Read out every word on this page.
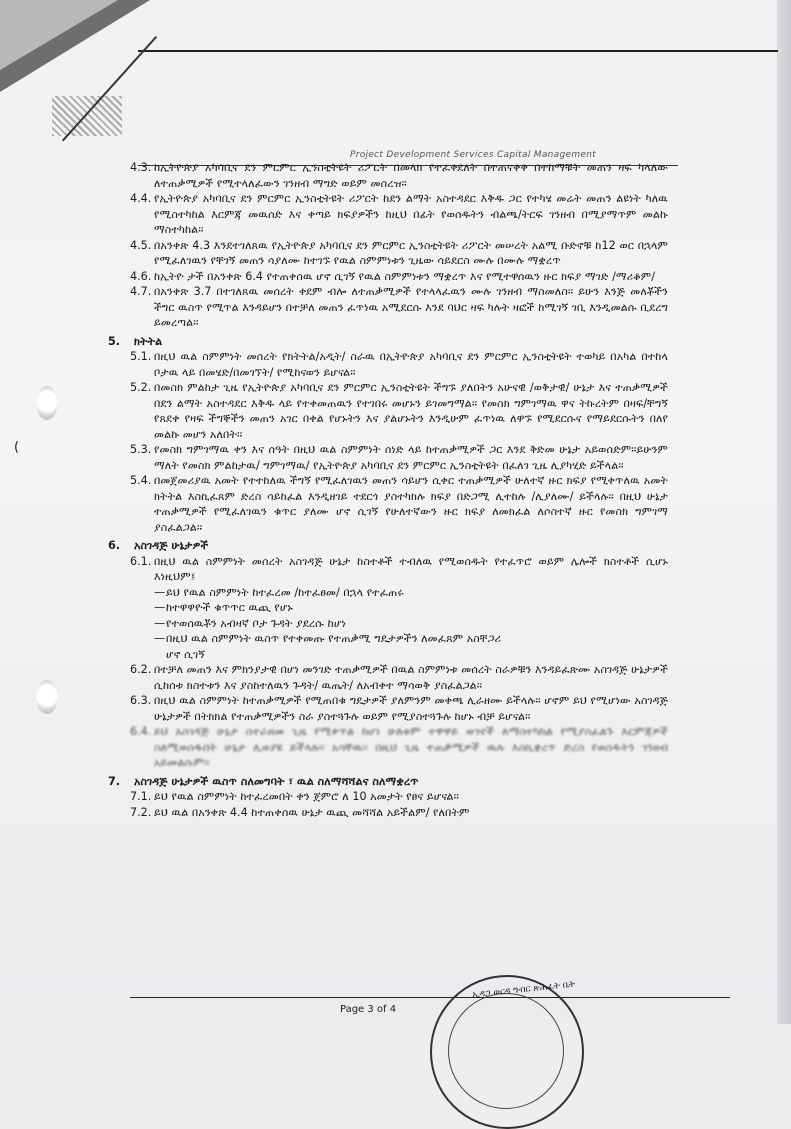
Project Development Services Capital Management
(
4.3. ከኢትዮጵያ አካባቢና ደን ምርምር ኢንስቲትዩት ሪፖርት በመላክ የተፈቀደለት በተጠናቀቀ በተከማቹት መጠን ዛፍ ካላለው ለተጠቃሚዎች የሚተላለፈውን ገንዘብ ማግድ ወይም መሰረዝ፡፡
4.4. የኢትዮጵያ አካባቢና ደን ምርምር ኢንስቲትዩት ሪፖርት ከደን ልማት አስተዳደር እቅዱ ጋር የተካሄ መሬት መጠን ልዩነት ካለዉ የሚስተካከል እርምጃ መዉሰድ እና ቀጣይ ክፍያዎችን ከዚህ በፊት የወሰዱትን ብልጫ/ትርፍ ገንዘብ በሚያማጥም መልኩ ማስተካከል፡፡
4.5. በአንቀጽ 4.3 እንደተገለጸዉ የኢትዮጵያ አካባቢና ደን ምርምር ኢንስቲትዩት ሪፖርት መሠረት አልሚ ቡድኖቹ ከ12 ወር በኋላም የሚፈለገዉን የቸገኝ መጠን ሳያለሙ ከተገኙ የዉል ስምምነቱን ጊዜው ሳይደርስ ሙሉ በሙሉ ማቋረጥ
4.6. ከኢትዮ ታች በአንቀጽ 6.4 የተጠቀሰዉ ሆኖ ሲገኝ የዉል ስምምነቱን ማቋረጥ እና የሚተዋሰዉን ዙር ክፍያ ማገድ /ማሪቆም/
4.7. በአንቀጽ 3.7 በተገለጸዉ መሰረት ቀደም ብሎ ለተጠቃሚዎች የተላላፈዉን ሙሉ ገንዘብ ማስመለስ፡፡ ይሁን እንጅ መለቾችን ችግር ዉስጥ የሚጥል እንዳይሆን በተቻለ መጠን ፈጥነዉ አሚደርሱ እንደ ባህር ዛፍ ካሉት ዛፎች ከሚገኝ ገቢ እንዲመልሱ ቢደረግ ይመረጣል፡፡
5. ክትትል
5.1. በዚህ ዉል ስምምነት መሰረት የክትትል/አዲት/ ስራዉ በኢትዮጵያ አካባቢና ደን ምርምር ኢንስቲትዩት ተወካይ በአካል በተከላ ቦታዉ ላይ በመሄድ/በመገኘት/ የሚከናወን ይሆናል፡፡
5.2. በመስክ ምልከታ ጊዜ የኢትዮጵያ አካባቢና ደን ምርምር ኢንስቲትዩት ችግኙ ያለበትን አሁናዊ /ወቅታዊ/ ሁኔታ እና ተጠቃሚዎች በደን ልማት አስተዳደር እቅዱ ላይ የተቀመጠዉን የተገበሩ መሆኑን ይገመግማል፡፡ የመስክ ግምገማዉ ዋና ትኩረትም በዛፍ/ቸግኝ የጸደቀ የዛፍ ችግኞችን መጠን አገር በቀል የሆኑትን እና ያልሆኑትን እንዲሁም ፈጥነዉ ለዋኙ የሚደርሱና የማይደርሱትን በለየ መልኩ መሆን አለበት፡፡
5.3. የመስክ ግምገማዉ ቀን እና ሰዓት በዚህ ዉል ስምምነት ሰነድ ላይ ከተጠቃሚዎች ጋር እንደ ቅድመ ሁኔታ አይወሰድም፡፡ይሁንም ማለት የመስክ ምልከታዉ/ ግምገማዉ/ የኢትዮጵያ አካባቢና ደን ምርምር ኢንስቲትዩት በፈለገ ጊዜ ሊያካሂድ ይችላል፡፡
5.4. በመጀመሪያዉ አመት የተተከለዉ ችግኝ የሚፈለገዉን መጠን ሳይሆን ሲቀር ተጠቃሚዎች ሁለተኛ ዙር ክፍያ የሚቀጥለዉ አመት ክትትል እስኪፈጸም ድረስ ሳይከፈል እንዲዘገይ ተደርጎ ያስተካክሉ ክፍያ በድጋሚ ሊተከሉ /ሊያለሙ/ ይችላሉ፡፡ በዚህ ሁኔታ ተጠቃሚዎች የሚፈለገዉን ቁጥር ያለሙ ሆኖ ሲገኝ የሁለተኛውን ዙር ክፍያ ለመክፈል ለሶስተኛ ዙር የመስክ ግምገማ ያስፈልጋል፡፡
6. አስገዳጅ ሁኔታዎች
6.1. በዚህ ዉል ስምምነት መሰረት አስገዳጅ ሁኔታ ከስተቶች ተብለዉ የሚወሰዱት የተፈጥሮ ወይም ሌሎች ክስተቶች ሲሆኑ እነዚህም፤
— ይህ የዉል ስምምነት ከተፈረመ /ከተፈፀመ/ በኋላ የተፈጠሩ
— ከተዋዋዮች ቁጥጥር ዉጪ የሆኑ
— የተወሰዉቾን አብዛኛ ቦታ ጉዳት ያደረሱ ከሆነ
— በዚህ ዉል ስምምነት ዉስጥ የተቀመጡ የተጠቃሚ ግዴታዎችን ለመፈጸም አስቸጋሪ
ሆኖ ሲገኝ
6.2. በተቻለ መጠን እና ምክንያታዊ በሆነ መንገድ ተጠቃሚዎች በዉል ስምምነቱ መሰረት ስራዎቹን እንዳይፈጽሙ አስገዳጅ ሁኔታዎች ሲከሰቱ ክስተቱን እና ያስከተለዉን ጉዳት/ ዉጤት/ ለአብቀተ ማሳወቅ ያስፈልጋል፡፡
6.3. በዚህ ዉል ስምምነት ከተጠቃሚዎች የሚጠበቁ ግዴታዎች ያለምንም መቀጫ ሊራዘሙ ይችላሉ፡፡ ሆኖም ይህ የሚሆነው አስገዳጅ ሁኔታዎች በትክክል የተጠቃሚዎችን ስራ ያስተጓጉሉ ወይም የሚያስተጓጉሉ ከሆኑ ብቻ ይሆናል፡፡
6.4. ይህ አስገዳጅ ሁኔታ ስተራዘመ ጊዜ የሚቀጥል ከሆነ ሁለቱም ተዋዋይ ወገኖች ለማስተካከል የሚያስፈልጉ እርምጃዎች ስለሚወሰዱበት ሁኔታ ሊወያዩ ይችላሉ፡፡ አሳቸዉ፡፡ በዚህ ጊዜ ተጠቃሚዎች ዉሉ እስኪቋረጥ ድረስ የወሰዱትን ገንዘብ አይመልሱም፡፡
7. አስገዳጅ ሁኔታዎች ዉስጥ ስለመግባት ፣ ዉል ስለማሻሻልና ስለማቋረጥ
7.1. ይህ የዉል ስምምነት ከተፈረመበት ቀን ጀምሮ ለ 10 አመታት የፀና ይሆናል፡፡
7.2. ይህ ዉል በአንቀጽ 4.4 ከተጠቀሰዉ ሁኔታ ዉጪ መሻሻል አይችልም/ የለበትም
Page 3 of 4
ኢዳጋ ወርዳ ግብር ጽሕፈት ቤት
